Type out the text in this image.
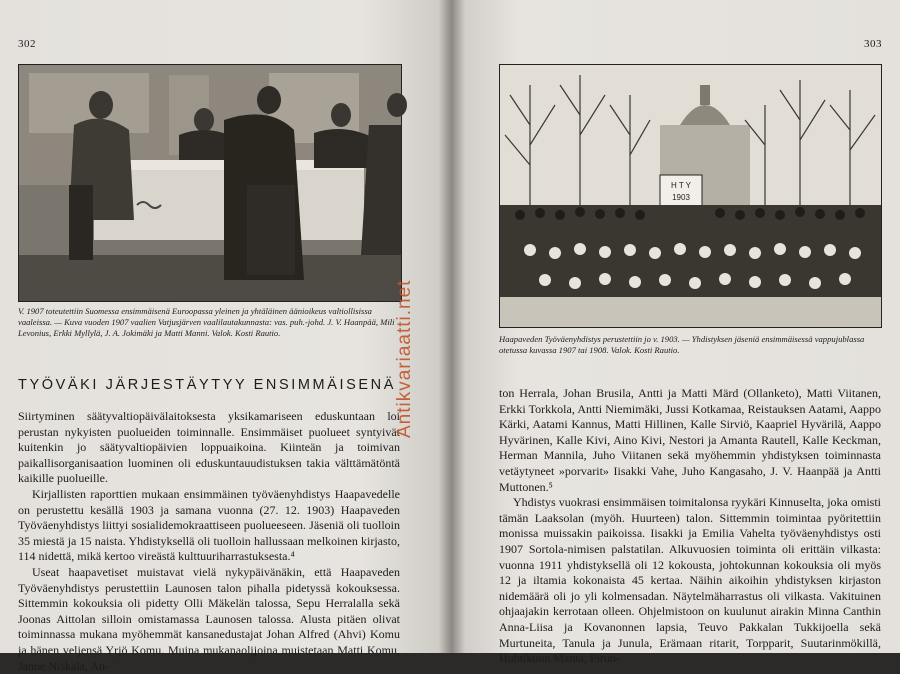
302
V. 1907 toteutettiin Suomessa ensimmäisenä Euroopassa yleinen ja yhtäläinen äänioikeus valtiollisissa vaaleissa. — Kuva vuoden 1907 vaalien Vatjusjärven vaalilautakunnasta: vas. puh.-johd. J. V. Haanpää, Mili Levonius, Erkki Myllylä, J. A. Jokimäki ja Matti Manni. Valok. Kosti Rautio.
TYÖVÄKI JÄRJESTÄYTYY ENSIMMÄISENÄ

Siirtyminen säätyvaltiopäivälaitoksesta yksikamariseen eduskuntaan loi perustan nykyisten puolueiden toiminnalle. Ensimmäiset puolueet syntyivät kuitenkin jo säätyvaltiopäivien loppuaikoina. Kiinteän ja toimivan paikallisorganisaation luominen oli eduskuntauudistuksen takia välttämätöntä kaikille puolueille.

Kirjallisten raporttien mukaan ensimmäinen työväenyhdistys Haapavedelle on perustettu kesällä 1903 ja samana vuonna (27. 12. 1903) Haapaveden Työväenyhdistys liittyi sosialidemokraattiseen puolueeseen. Jäseniä oli tuolloin 35 miestä ja 15 naista. Yhdistyksellä oli tuolloin hallussaan melkoinen kirjasto, 114 nidettä, mikä kertoo vireästä kulttuuriharrastuksesta.⁴

Useat haapavetiset muistavat vielä nykypäivänäkin, että Haapaveden Työväenyhdistys perustettiin Launosen talon pihalla pidetyssä kokouksessa. Sittemmin kokouksia oli pidetty Olli Mäkelän talossa, Sepu Herralalla sekä Joonas Aittolan silloin omistamassa Launosen talossa. Alusta pitäen olivat toiminnassa mukana myöhemmät kansanedustajat Johan Alfred (Ahvi) Komu ja hänen veljensä Yrjö Komu. Muina mukanaolijoina muistetaan Matti Komu, Janne Niskala, An-

Antikvariaatti.net
303
H T Y
1903
Haapaveden Työväenyhdistys perustettiin jo v. 1903. — Yhdistyksen jäseniä ensimmäisessä vappujublassa otetussa kuvassa 1907 tai 1908. Valok. Kosti Rautio.

ton Herrala, Johan Brusila, Antti ja Matti Märd (Ollanketo), Matti Viitanen, Erkki Torkkola, Antti Niemimäki, Jussi Kotkamaa, Reistauksen Aatami, Aappo Kärki, Aatami Kannus, Matti Hillinen, Kalle Sirviö, Kaapriel Hyvärilä, Aappo Hyvärinen, Kalle Kivi, Aino Kivi, Nestori ja Amanta Rautell, Kalle Keckman, Herman Mannila, Juho Viitanen sekä myöhemmin yhdistyksen toiminnasta vetäytyneet »porvarit» Iisakki Vahe, Juho Kangasaho, J. V. Haanpää ja Antti Muttonen.⁵

Yhdistys vuokrasi ensimmäisen toimitalonsa ryykäri Kinnuselta, joka omisti tämän Laaksolan (myöh. Huurteen) talon. Sittemmin toimintaa pyöritettiin monissa muissakin paikoissa. Iisakki ja Emilia Vahelta työväenyhdistys osti 1907 Sortola-nimisen palstatilan. Alkuvuosien toiminta oli erittäin vilkasta: vuonna 1911 yhdistyksellä oli 12 kokousta, johtokunnan kokouksia oli myös 12 ja iltamia kokonaista 45 kertaa. Näihin aikoihin yhdistyksen kirjaston nidemäärä oli jo yli kolmensadan. Näytelmäharrastus oli vilkasta. Vakituinen ohjaajakin kerrotaan olleen. Ohjelmistoon on kuulunut airakin Minna Canthin Anna-Liisa ja Kovanonnen lapsia, Teuvo Pakkalan Tukkijoella sekä Murtuneita, Tanula ja Junula, Erämaan ritarit, Torpparit, Suutarinmökillä, Huhtikuun Manta, Pirun-
